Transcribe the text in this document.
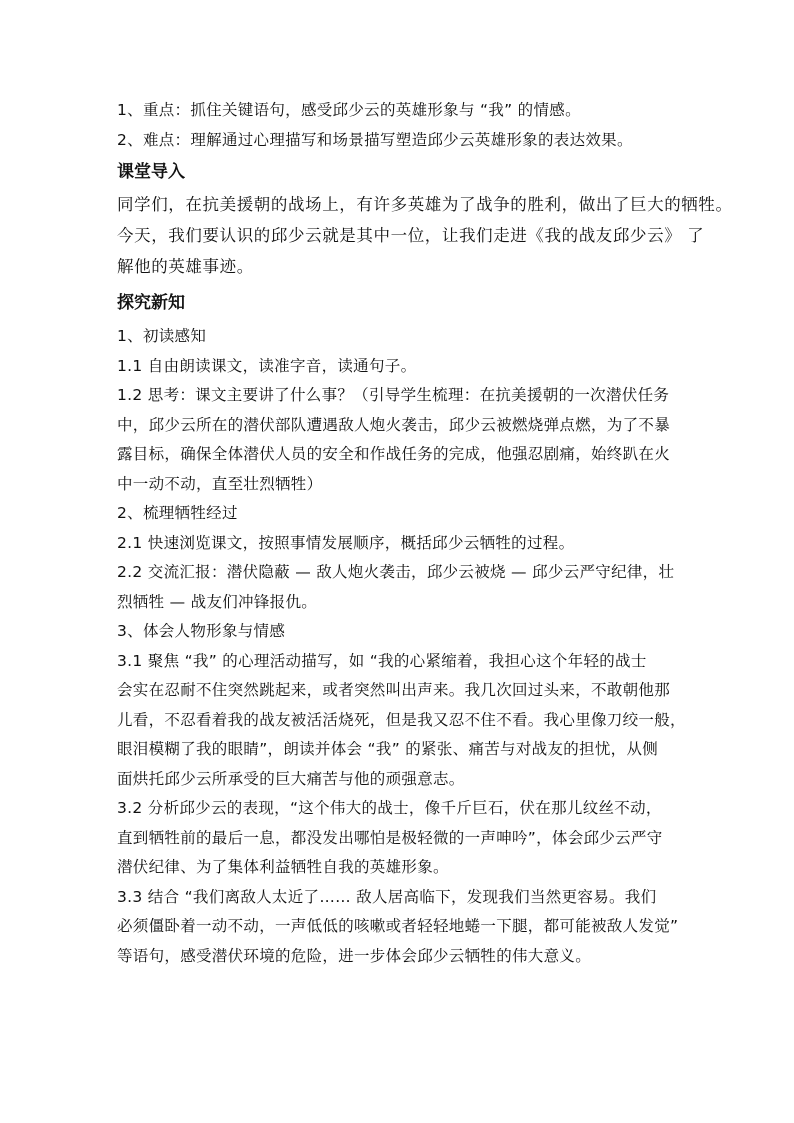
1、重点：抓住关键语句，感受邱少云的英雄形象与 “我” 的情感。
2、难点：理解通过心理描写和场景描写塑造邱少云英雄形象的表达效果。
课堂导入
同学们，在抗美援朝的战场上，有许多英雄为了战争的胜利，做出了巨大的牺牲。
今天，我们要认识的邱少云就是其中一位，让我们走进《我的战友邱少云》 了
解他的英雄事迹。
探究新知
1、初读感知
1.1 自由朗读课文，读准字音，读通句子。
1.2 思考：课文主要讲了什么事？（引导学生梳理：在抗美援朝的一次潜伏任务
中，邱少云所在的潜伏部队遭遇敌人炮火袭击，邱少云被燃烧弹点燃，为了不暴
露目标，确保全体潜伏人员的安全和作战任务的完成，他强忍剧痛，始终趴在火
中一动不动，直至壮烈牺牲）
2、梳理牺牲经过
2.1 快速浏览课文，按照事情发展顺序，概括邱少云牺牲的过程。
2.2 交流汇报：潜伏隐蔽 — 敌人炮火袭击，邱少云被烧 — 邱少云严守纪律，壮
烈牺牲 — 战友们冲锋报仇。
3、体会人物形象与情感
3.1 聚焦 “我” 的心理活动描写，如 “我的心紧缩着，我担心这个年轻的战士
会实在忍耐不住突然跳起来，或者突然叫出声来。我几次回过头来，不敢朝他那
儿看，不忍看着我的战友被活活烧死，但是我又忍不住不看。我心里像刀绞一般，
眼泪模糊了我的眼睛”，朗读并体会 “我” 的紧张、痛苦与对战友的担忧，从侧
面烘托邱少云所承受的巨大痛苦与他的顽强意志。
3.2 分析邱少云的表现，“这个伟大的战士，像千斤巨石，伏在那儿纹丝不动，
直到牺牲前的最后一息，都没发出哪怕是极轻微的一声呻吟”，体会邱少云严守
潜伏纪律、为了集体利益牺牲自我的英雄形象。
3.3 结合 “我们离敌人太近了…… 敌人居高临下，发现我们当然更容易。我们
必须僵卧着一动不动，一声低低的咳嗽或者轻轻地蜷一下腿，都可能被敌人发觉”
等语句，感受潜伏环境的危险，进一步体会邱少云牺牲的伟大意义。
